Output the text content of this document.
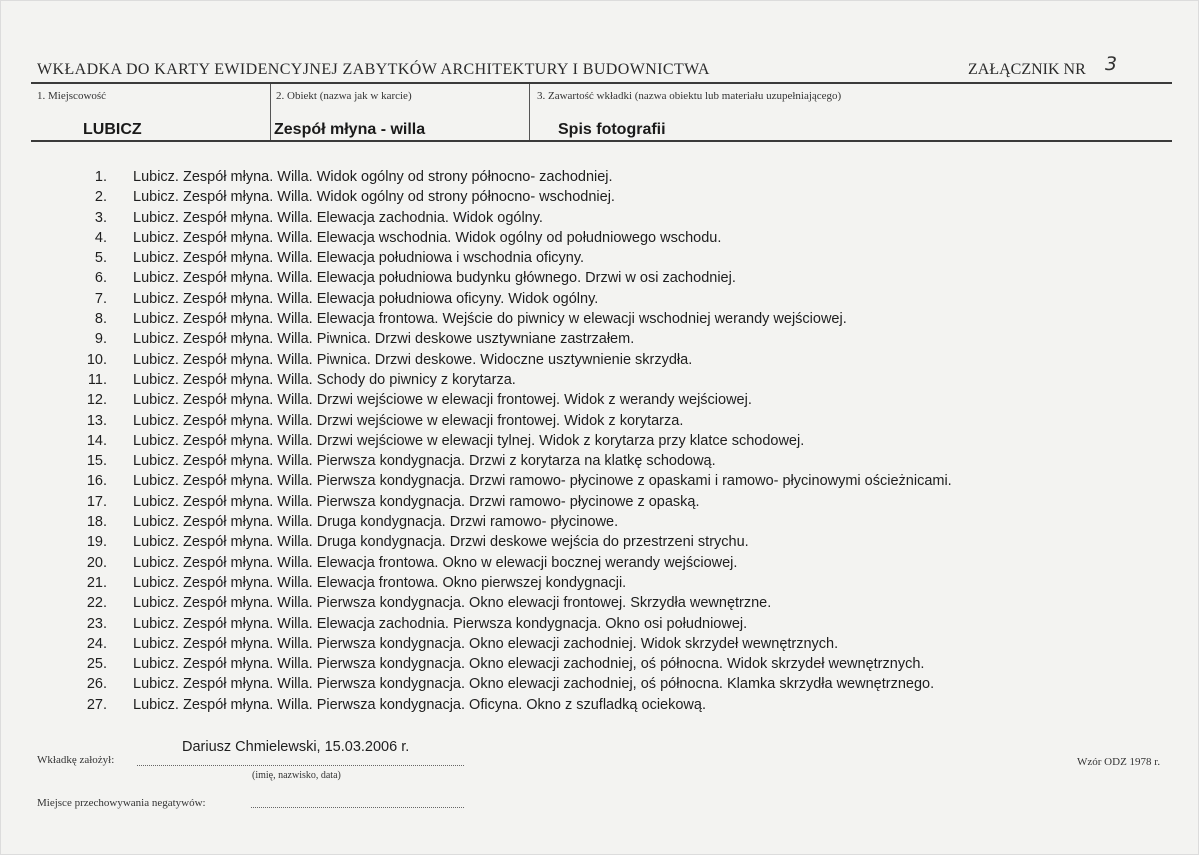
WKŁADKA DO KARTY EWIDENCYJNEJ ZABYTKÓW ARCHITEKTURY I BUDOWNICTWA	ZAŁĄCZNIK NR 3
1. Miejscowość
LUBICZ
2. Obiekt (nazwa jak w karcie)
Zespół młyna - willa
3. Zawartość wkładki (nazwa obiektu lub materiału uzupełniającego)
Spis fotografii
1. Lubicz. Zespół młyna. Willa. Widok ogólny od strony północno- zachodniej.
2. Lubicz. Zespół młyna. Willa. Widok ogólny od strony północno- wschodniej.
3. Lubicz. Zespół młyna. Willa. Elewacja zachodnia. Widok ogólny.
4. Lubicz. Zespół młyna. Willa. Elewacja wschodnia. Widok ogólny od południowego wschodu.
5. Lubicz. Zespół młyna. Willa. Elewacja południowa i wschodnia oficyny.
6. Lubicz. Zespół młyna. Willa. Elewacja południowa budynku głównego. Drzwi w osi zachodniej.
7. Lubicz. Zespół młyna. Willa. Elewacja południowa oficyny. Widok ogólny.
8. Lubicz. Zespół młyna. Willa. Elewacja frontowa. Wejście do piwnicy w elewacji wschodniej werandy wejściowej.
9. Lubicz. Zespół młyna. Willa. Piwnica. Drzwi deskowe usztywniane zastrzałem.
10. Lubicz. Zespół młyna. Willa. Piwnica. Drzwi deskowe. Widoczne usztywnienie skrzydła.
11. Lubicz. Zespół młyna. Willa. Schody do piwnicy z korytarza.
12. Lubicz. Zespół młyna. Willa. Drzwi wejściowe w elewacji frontowej. Widok z werandy wejściowej.
13. Lubicz. Zespół młyna. Willa. Drzwi wejściowe w elewacji frontowej. Widok z korytarza.
14. Lubicz. Zespół młyna. Willa. Drzwi wejściowe w elewacji tylnej. Widok z korytarza przy klatce schodowej.
15. Lubicz. Zespół młyna. Willa. Pierwsza kondygnacja. Drzwi z korytarza na klatkę schodową.
16. Lubicz. Zespół młyna. Willa. Pierwsza kondygnacja. Drzwi ramowo- płycinowe z opaskami i ramowo- płycinowymi ościeżnicami.
17. Lubicz. Zespół młyna. Willa. Pierwsza kondygnacja. Drzwi ramowo- płycinowe z opaską.
18. Lubicz. Zespół młyna. Willa. Druga kondygnacja. Drzwi ramowo- płycinowe.
19. Lubicz. Zespół młyna. Willa. Druga kondygnacja. Drzwi deskowe wejścia do przestrzeni strychu.
20. Lubicz. Zespół młyna. Willa. Elewacja frontowa. Okno w elewacji bocznej werandy wejściowej.
21. Lubicz. Zespół młyna. Willa. Elewacja frontowa. Okno pierwszej kondygnacji.
22. Lubicz. Zespół młyna. Willa. Pierwsza kondygnacja. Okno elewacji frontowej. Skrzydła wewnętrzne.
23. Lubicz. Zespół młyna. Willa. Elewacja zachodnia. Pierwsza kondygnacja. Okno osi południowej.
24. Lubicz. Zespół młyna. Willa. Pierwsza kondygnacja. Okno elewacji zachodniej. Widok skrzydeł wewnętrznych.
25. Lubicz. Zespół młyna. Willa. Pierwsza kondygnacja. Okno elewacji zachodniej, oś północna. Widok skrzydeł wewnętrznych.
26. Lubicz. Zespół młyna. Willa. Pierwsza kondygnacja. Okno elewacji zachodniej, oś północna. Klamka skrzydła wewnętrznego.
27. Lubicz. Zespół młyna. Willa. Pierwsza kondygnacja. Oficyna. Okno z szufladką ociekową.
Dariusz Chmielewski, 15.03.2006 r.
Wkładkę założył:
(imię, nazwisko, data)
Miejsce przechowywania negatywów:
Wzór ODZ 1978 r.
